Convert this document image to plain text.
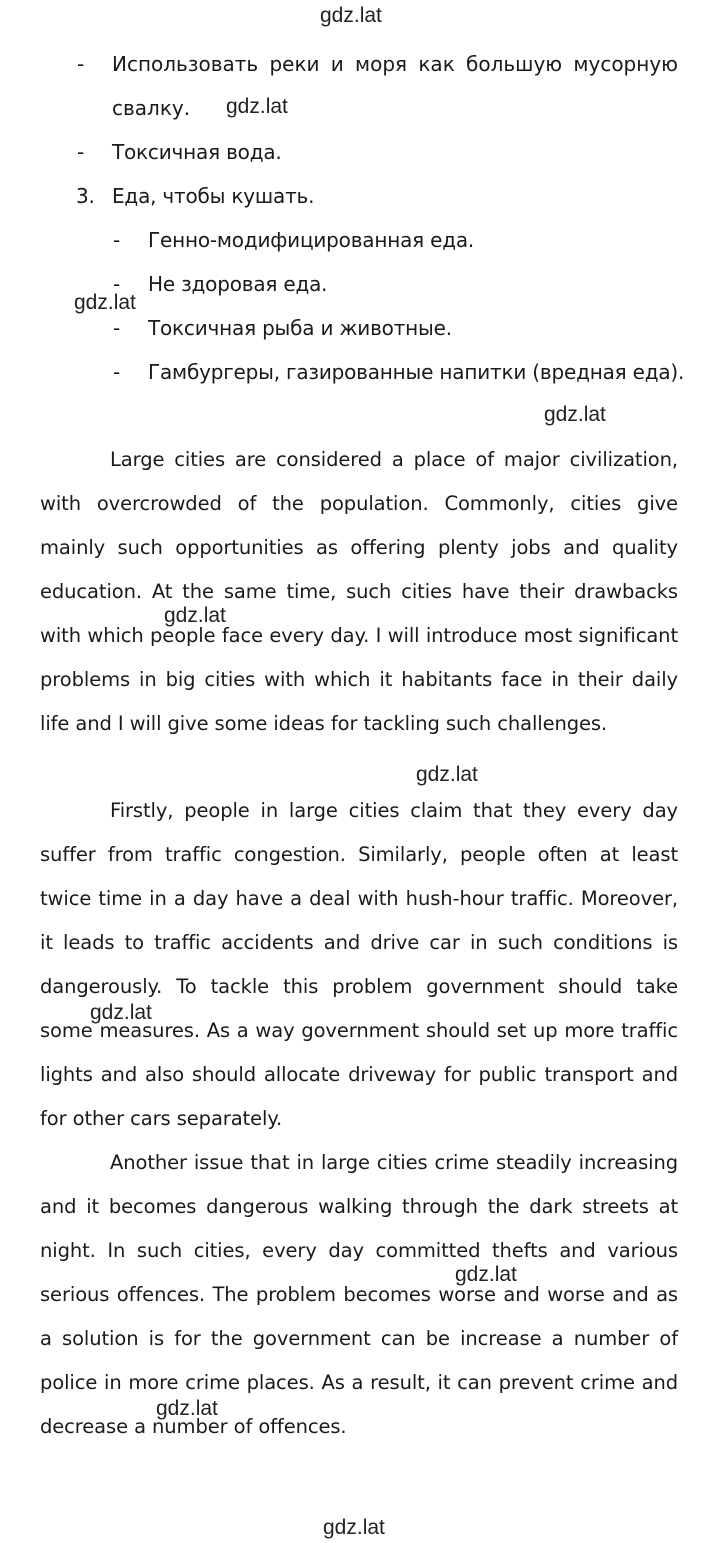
gdz.lat
gdz.lat
gdz.lat
gdz.lat
gdz.lat
gdz.lat
gdz.lat
gdz.lat
gdz.lat
gdz.lat
- Использовать реки и моря как большую мусорную свалку.

- Токсичная вода.
3. Еда, чтобы кушать.
- Генно-модифицированная еда.
- Не здоровая еда.
- Токсичная рыба и животные.
- Гамбургеры, газированные напитки (вредная еда).

Large cities are considered a place of major civilization, with overcrowded of the population. Commonly, cities give mainly such opportunities as offering plenty jobs and quality education. At the same time, such cities have their drawbacks with which people face every day. I will introduce most significant problems in big cities with which it habitants face in their daily life and I will give some ideas for tackling such challenges.

Firstly, people in large cities claim that they every day suffer from traffic congestion. Similarly, people often at least twice time in a day have a deal with hush-hour traffic. Moreover, it leads to traffic accidents and drive car in such conditions is dangerously. To tackle this problem government should take some measures. As a way government should set up more traffic lights and also should allocate driveway for public transport and for other cars separately.

Another issue that in large cities crime steadily increasing and it becomes dangerous walking through the dark streets at night. In such cities, every day committed thefts and various serious offences. The problem becomes worse and worse and as a solution is for the government can be increase a number of police in more crime places. As a result, it can prevent crime and decrease a number of offences.
